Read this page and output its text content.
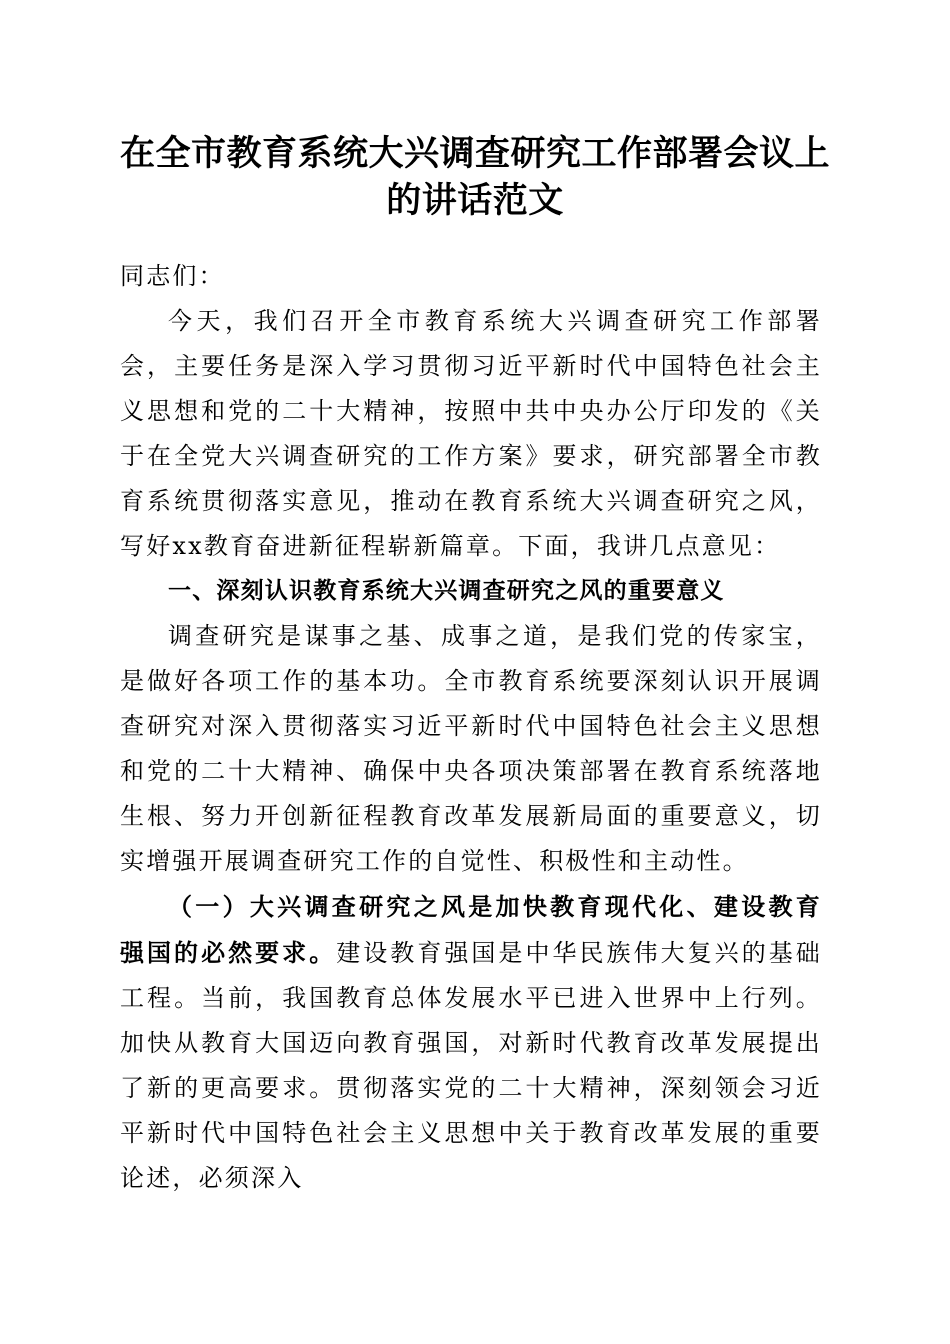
在全市教育系统大兴调查研究工作部署会议上
的讲话范文

同志们：

今天，我们召开全市教育系统大兴调查研究工作部署会，主要任务是深入学习贯彻习近平新时代中国特色社会主义思想和党的二十大精神，按照中共中央办公厅印发的《关于在全党大兴调查研究的工作方案》要求，研究部署全市教育系统贯彻落实意见，推动在教育系统大兴调查研究之风，写好xx教育奋进新征程崭新篇章。下面，我讲几点意见：

一、深刻认识教育系统大兴调查研究之风的重要意义

调查研究是谋事之基、成事之道，是我们党的传家宝，是做好各项工作的基本功。全市教育系统要深刻认识开展调查研究对深入贯彻落实习近平新时代中国特色社会主义思想和党的二十大精神、确保中央各项决策部署在教育系统落地生根、努力开创新征程教育改革发展新局面的重要意义，切实增强开展调查研究工作的自觉性、积极性和主动性。

（一）大兴调查研究之风是加快教育现代化、建设教育强国的必然要求。建设教育强国是中华民族伟大复兴的基础工程。当前，我国教育总体发展水平已进入世界中上行列。加快从教育大国迈向教育强国，对新时代教育改革发展提出了新的更高要求。贯彻落实党的二十大精神，深刻领会习近平新时代中国特色社会主义思想中关于教育改革发展的重要论述，必须深入
